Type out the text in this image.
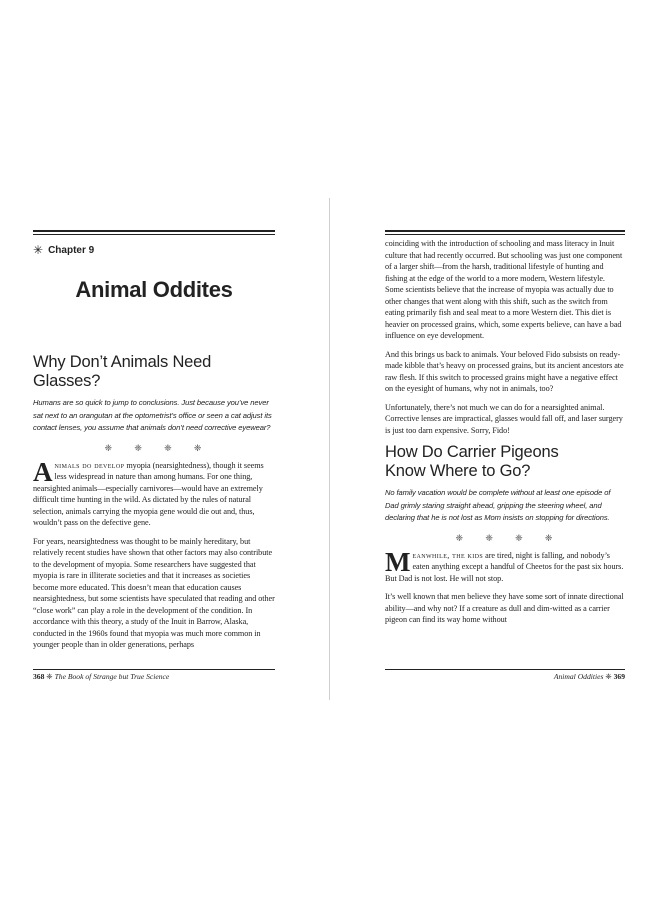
✳ Chapter 9
Animal Oddites
Why Don’t Animals Need Glasses?
Humans are so quick to jump to conclusions. Just because you’ve never sat next to an orangutan at the optometrist’s office or seen a cat adjust its contact lenses, you assume that animals don’t need corrective eyewear?
❈ ❈ ❈ ❈

Animals do develop myopia (nearsightedness), though it seems less widespread in nature than among humans. For one thing, nearsighted animals—especially carnivores—would have an extremely difficult time hunting in the wild. As dictated by the rules of natural selection, animals carrying the myopia gene would die out and, thus, wouldn’t pass on the defective gene.

For years, nearsightedness was thought to be mainly hereditary, but relatively recent studies have shown that other factors may also contribute to the development of myopia. Some researchers have suggested that myopia is rare in illiterate societies and that it increases as societies become more educated. This doesn’t mean that education causes nearsightedness, but some scientists have speculated that reading and other “close work” can play a role in the development of the condition. In accordance with this theory, a study of the Inuit in Barrow, Alaska, conducted in the 1960s found that myopia was much more common in younger people than in older generations, perhaps

368 ❈ The Book of Strange but True Science

coinciding with the introduction of schooling and mass literacy in Inuit culture that had recently occurred. But schooling was just one component of a larger shift—from the harsh, traditional lifestyle of hunting and fishing at the edge of the world to a more modern, Western lifestyle. Some scientists believe that the increase of myopia was actually due to other changes that went along with this shift, such as the switch from eating primarily fish and seal meat to a more Western diet. This diet is heavier on processed grains, which, some experts believe, can have a bad influence on eye development.

And this brings us back to animals. Your beloved Fido subsists on ready-made kibble that’s heavy on processed grains, but its ancient ancestors ate raw flesh. If this switch to processed grains might have a negative effect on the eyesight of humans, why not in animals, too?

Unfortunately, there’s not much we can do for a nearsighted animal. Corrective lenses are impractical, glasses would fall off, and laser surgery is just too darn expensive. Sorry, Fido!

How Do Carrier Pigeons
Know Where to Go?
No family vacation would be complete without at least one episode of Dad grimly staring straight ahead, gripping the steering wheel, and declaring that he is not lost as Mom insists on stopping for directions.
❈ ❈ ❈ ❈

Meanwhile, the kids are tired, night is falling, and nobody’s eaten anything except a handful of Cheetos for the past six hours. But Dad is not lost. He will not stop.

It’s well known that men believe they have some sort of innate directional ability—and why not? If a creature as dull and dim-witted as a carrier pigeon can find its way home without

Animal Oddities ❈ 369
